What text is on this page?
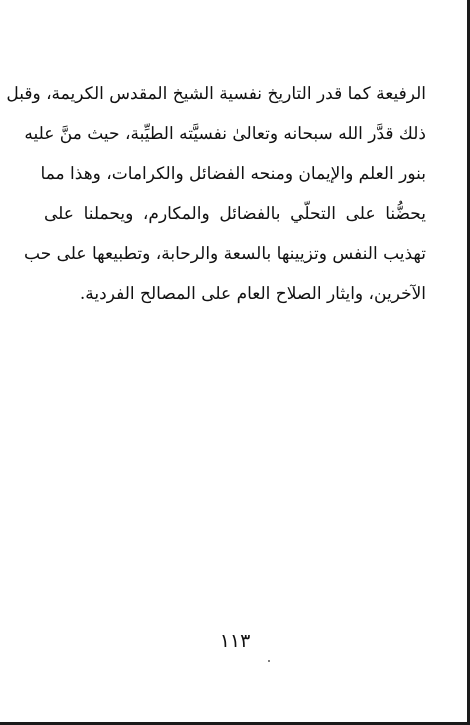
الرفيعة كما قدر التاريخ نفسية الشيخ المقدس الكريمة، وقبل
ذلك قدَّر الله سبحانه وتعالىٰ نفسيَّته الطيِّبة، حيث منَّ عليه
بنور العلم والإيمان ومنحه الفضائل والكرامات، وهذا مما
يحضُّنا على التحلّي بالفضائل والمكارم، ويحملنا على
تهذيب النفس وتزيينها بالسعة والرحابة، وتطبيعها على حب
الآخرين، وايثار الصلاح العام على المصالح الفردية.
١١٣
